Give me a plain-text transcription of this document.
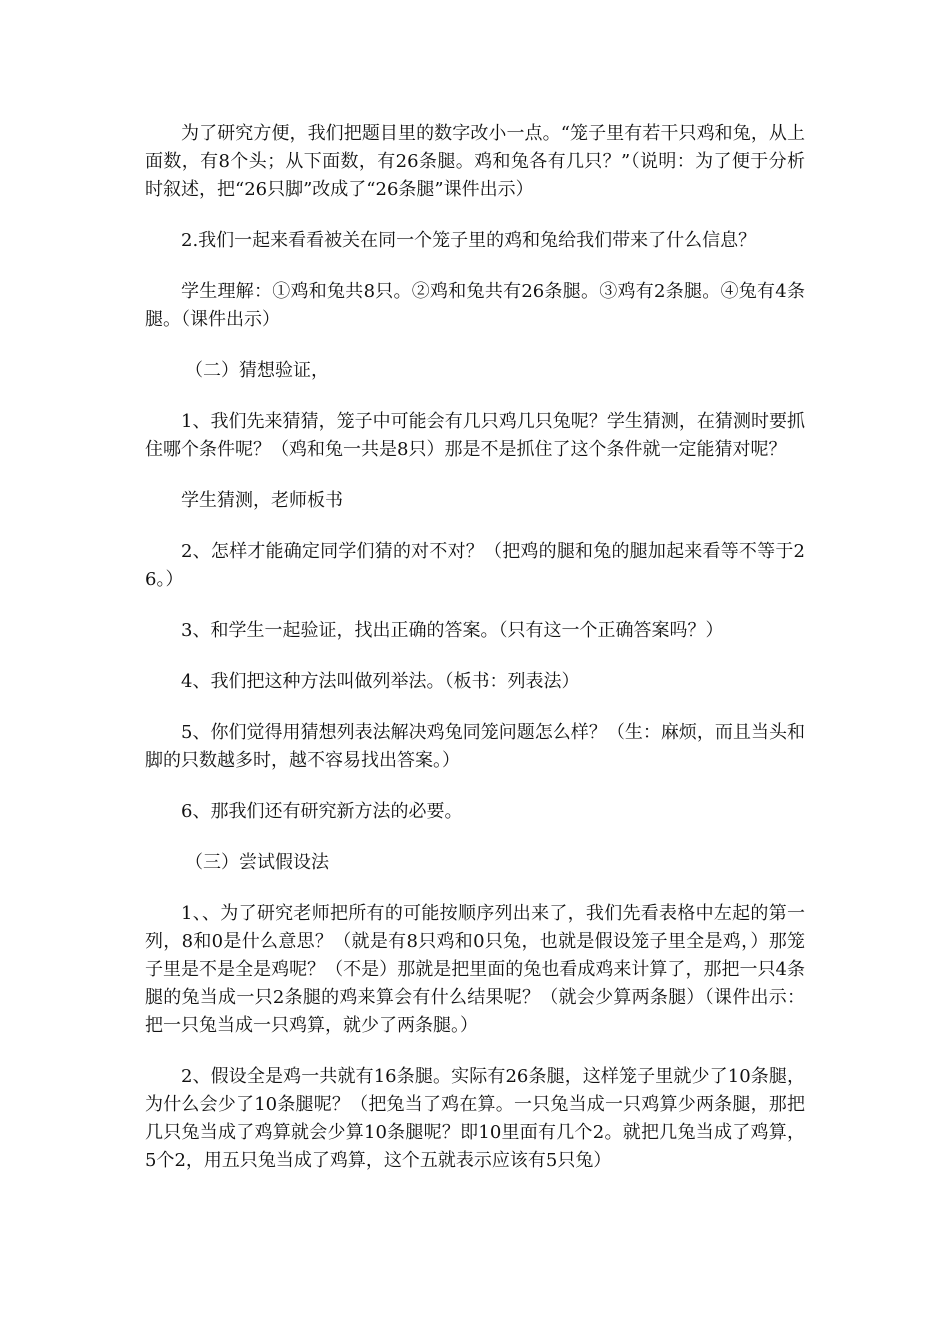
为了研究方便，我们把题目里的数字改小一点。“笼子里有若干只鸡和兔，从上面数，有8个头；从下面数，有26条腿。鸡和兔各有几只？”（说明：为了便于分析时叙述，把“26只脚”改成了“26条腿”课件出示）

2.我们一起来看看被关在同一个笼子里的鸡和兔给我们带来了什么信息？

学生理解：①鸡和兔共8只。②鸡和兔共有26条腿。③鸡有2条腿。④兔有4条腿。（课件出示）

（二）猜想验证，

1、我们先来猜猜，笼子中可能会有几只鸡几只兔呢？学生猜测，在猜测时要抓住哪个条件呢？（鸡和兔一共是8只）那是不是抓住了这个条件就一定能猜对呢？

学生猜测，老师板书

2、怎样才能确定同学们猜的对不对？（把鸡的腿和兔的腿加起来看等不等于26。）

3、和学生一起验证，找出正确的答案。（只有这一个正确答案吗？）

4、我们把这种方法叫做列举法。（板书：列表法）

5、你们觉得用猜想列表法解决鸡兔同笼问题怎么样？（生：麻烦，而且当头和脚的只数越多时，越不容易找出答案。）

6、那我们还有研究新方法的必要。

（三）尝试假设法

1、、为了研究老师把所有的可能按顺序列出来了，我们先看表格中左起的第一列，8和0是什么意思？（就是有8只鸡和0只兔，也就是假设笼子里全是鸡，）那笼子里是不是全是鸡呢？（不是）那就是把里面的兔也看成鸡来计算了，那把一只4条腿的兔当成一只2条腿的鸡来算会有什么结果呢？（就会少算两条腿）（课件出示：把一只兔当成一只鸡算，就少了两条腿。）

2、假设全是鸡一共就有16条腿。实际有26条腿，这样笼子里就少了10条腿，为什么会少了10条腿呢？（把兔当了鸡在算。一只兔当成一只鸡算少两条腿，那把几只兔当成了鸡算就会少算10条腿呢？即10里面有几个2。就把几兔当成了鸡算，5个2，用五只兔当成了鸡算，这个五就表示应该有5只兔）
